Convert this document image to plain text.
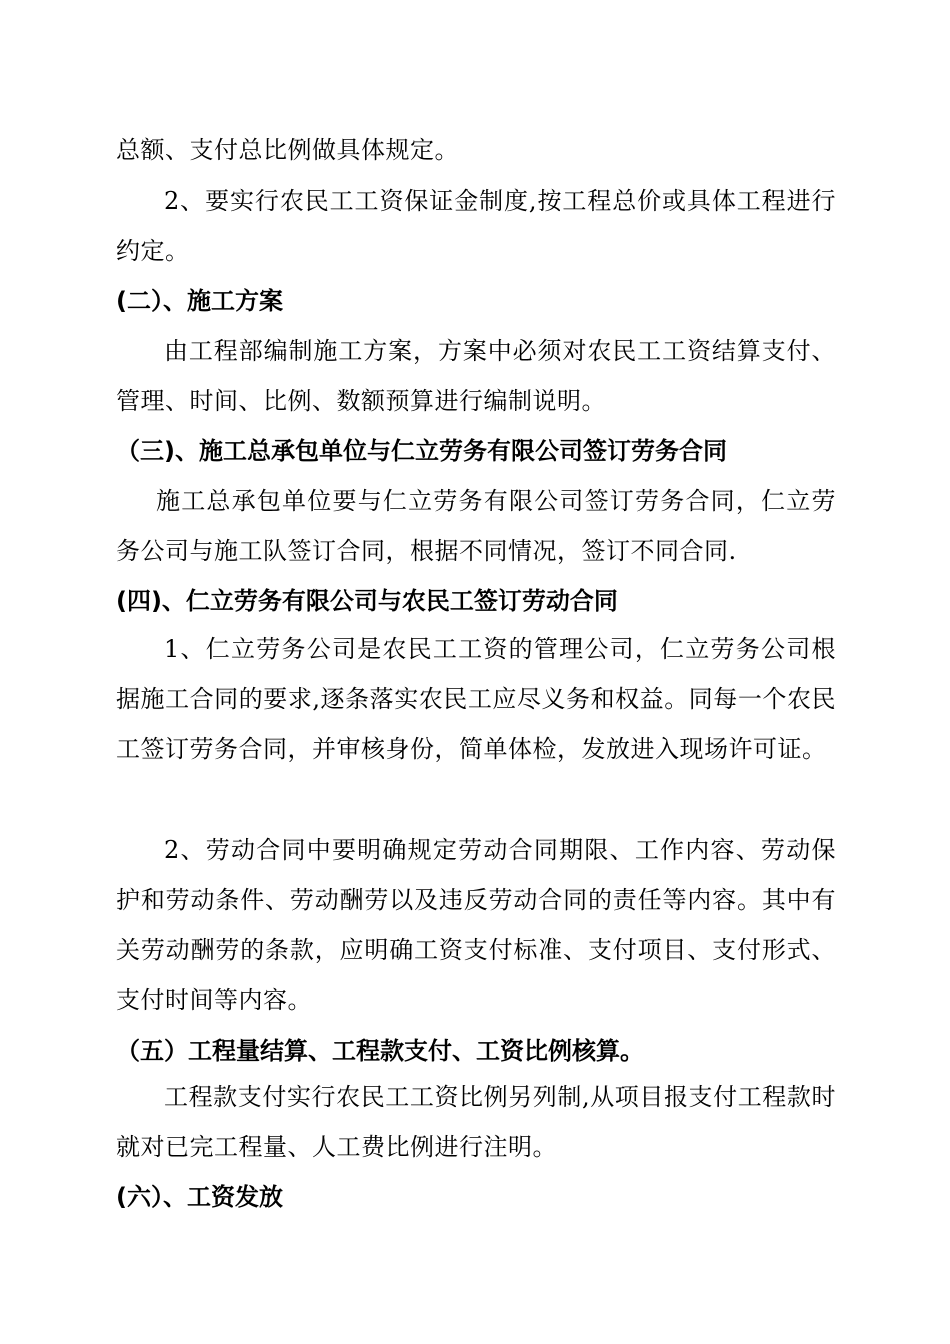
总额、支付总比例做具体规定。
2、要实行农民工工资保证金制度,按工程总价或具体工程进行约定。
(二）、施工方案
由工程部编制施工方案，方案中必须对农民工工资结算支付、管理、时间、比例、数额预算进行编制说明。
（三)、施工总承包单位与仁立劳务有限公司签订劳务合同
施工总承包单位要与仁立劳务有限公司签订劳务合同，仁立劳务公司与施工队签订合同，根据不同情况，签订不同合同.
(四)、仁立劳务有限公司与农民工签订劳动合同
1、仁立劳务公司是农民工工资的管理公司，仁立劳务公司根据施工合同的要求,逐条落实农民工应尽义务和权益。同每一个农民工签订劳务合同，并审核身份，简单体检，发放进入现场许可证。
2、劳动合同中要明确规定劳动合同期限、工作内容、劳动保护和劳动条件、劳动酬劳以及违反劳动合同的责任等内容。其中有关劳动酬劳的条款，应明确工资支付标准、支付项目、支付形式、支付时间等内容。
（五）工程量结算、工程款支付、工资比例核算。
工程款支付实行农民工工资比例另列制,从项目报支付工程款时就对已完工程量、人工费比例进行注明。
(六）、工资发放
